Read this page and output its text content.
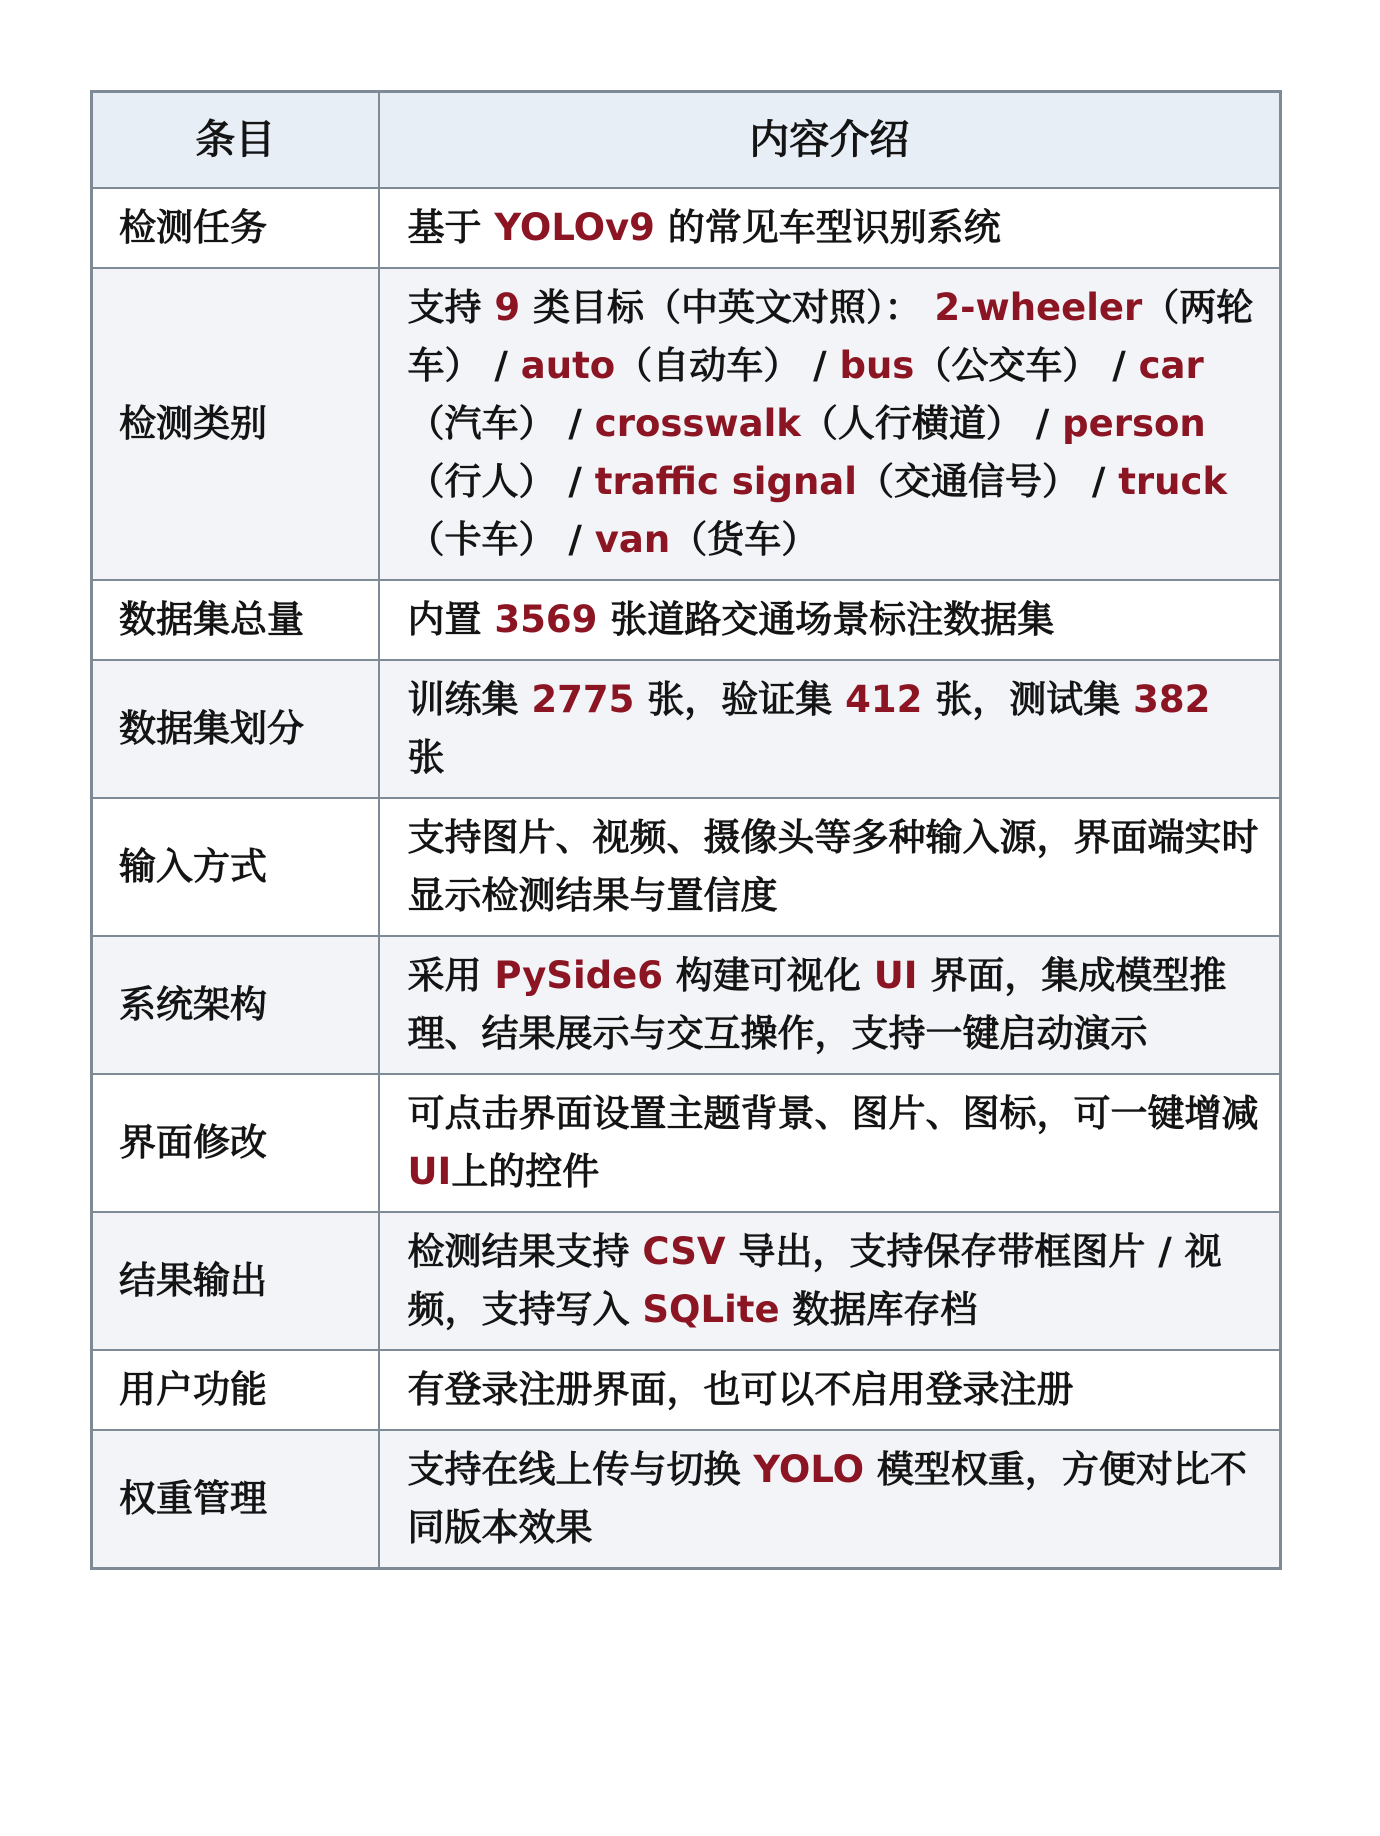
条目	内容介绍
检测任务	基于 YOLOv9 的常见车型识别系统
检测类别	支持 9 类目标（中英文对照）： 2-wheeler（两轮车） / auto（自动车） / bus（公交车） / car（汽车） / crosswalk（人行横道） / person（行人） / traffic signal（交通信号） / truck（卡车） / van（货车）
数据集总量	内置 3569 张道路交通场景标注数据集
数据集划分	训练集 2775 张，验证集 412 张，测试集 382 张
输入方式	支持图片、视频、摄像头等多种输入源，界面端实时显示检测结果与置信度
系统架构	采用 PySide6 构建可视化 UI 界面，集成模型推理、结果展示与交互操作，支持一键启动演示
界面修改	可点击界面设置主题背景、图片、图标，可一键增减UI上的控件
结果输出	检测结果支持 CSV 导出，支持保存带框图片 / 视频，支持写入 SQLite 数据库存档
用户功能	有登录注册界面，也可以不启用登录注册
权重管理	支持在线上传与切换 YOLO 模型权重，方便对比不同版本效果
